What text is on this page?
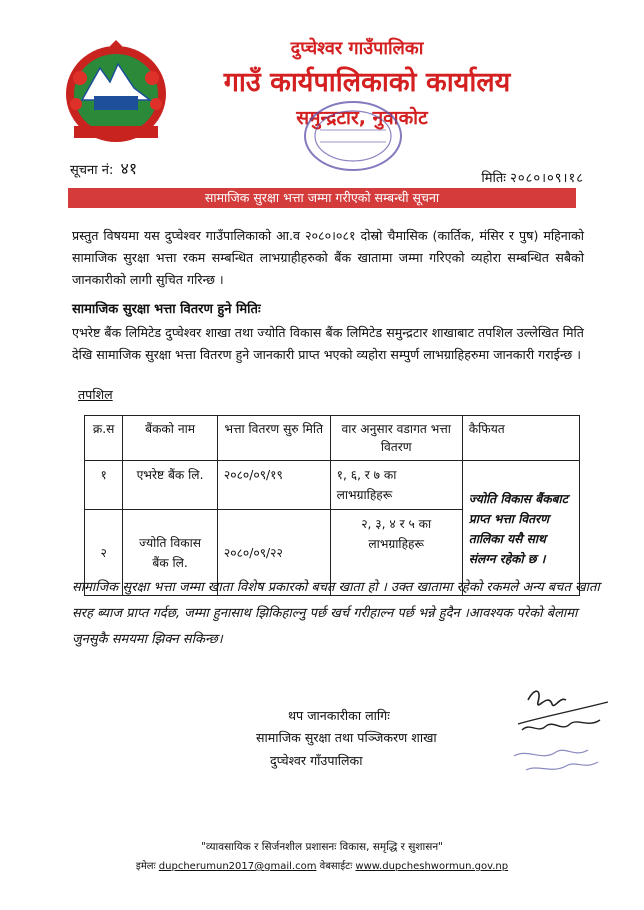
दुप्चेश्वर गाउँपालिका
गाउँ कार्यपालिकाको कार्यालय
समुन्द्रटार, नुवाकोट
सूचना नं: ४१
मितिः २०८०।०९।१८
सामाजिक सुरक्षा भत्ता जम्मा गरीएको सम्बन्धी सूचना
प्रस्तुत विषयमा यस दुप्चेश्वर गाउँपालिकाको आ.व २०८०।०८१ दोस्रो चैमासिक (कार्तिक, मंसिर र पुष) महिनाको सामाजिक सुरक्षा भत्ता रकम सम्बन्धित लाभग्राहीहरुको बैंक खातामा जम्मा गरिएको व्यहोरा सम्बन्धित सबैको जानकारीको लागी सुचित गरिन्छ ।
सामाजिक सुरक्षा भत्ता वितरण हुने मितिः
एभरेष्ट बैंक लिमिटेड दुप्चेश्वर शाखा तथा ज्योति विकास बैंक लिमिटेड समुन्द्रटार शाखाबाट तपशिल उल्लेखित मिति देखि सामाजिक सुरक्षा भत्ता वितरण हुने जानकारी प्राप्त भएको व्यहोरा सम्पुर्ण लाभग्राहिहरुमा जानकारी गराईन्छ ।
तपशिल
क्र.स	बैंकको नाम	भत्ता वितरण सुरु मिति	वार अनुसार वडागत भत्ता वितरण	कैफियत
१	एभरेष्ट बैंक लि.	२०८०/०९/१९	१, ६, र ७ का लाभग्राहिहरू	ज्योति विकास बैंकबाट प्राप्त भत्ता वितरण तालिका यसै साथ संलग्न रहेको छ ।
२	ज्योति विकास बैंक लि.	२०८०/०९/२२	२, ३, ४ र ५ का लाभग्राहिहरू	
सामाजिक सुरक्षा भत्ता जम्मा खाता विशेष प्रकारको बचत खाता हो । उक्त खातामा रहेको रकमले अन्य बचत खाता सरह ब्याज प्राप्त गर्दछ, जम्मा हुनासाथ झिकिहाल्नु पर्छ खर्च गरीहाल्न पर्छ भन्ने हुदैन ।आवश्यक परेको बेलामा जुनसुकै समयमा झिक्न सकिन्छ।
थप जानकारीका लागिः
सामाजिक सुरक्षा तथा पञ्जिकरण शाखा
दुप्चेश्वर गाँउपालिका
"व्यावसायिक र सिर्जनशील प्रशासनः विकास, समृद्धि र सुशासन"
इमेलः dupcherumun2017@gmail.com वेबसाईटः www.dupcheshwormun.gov.np
